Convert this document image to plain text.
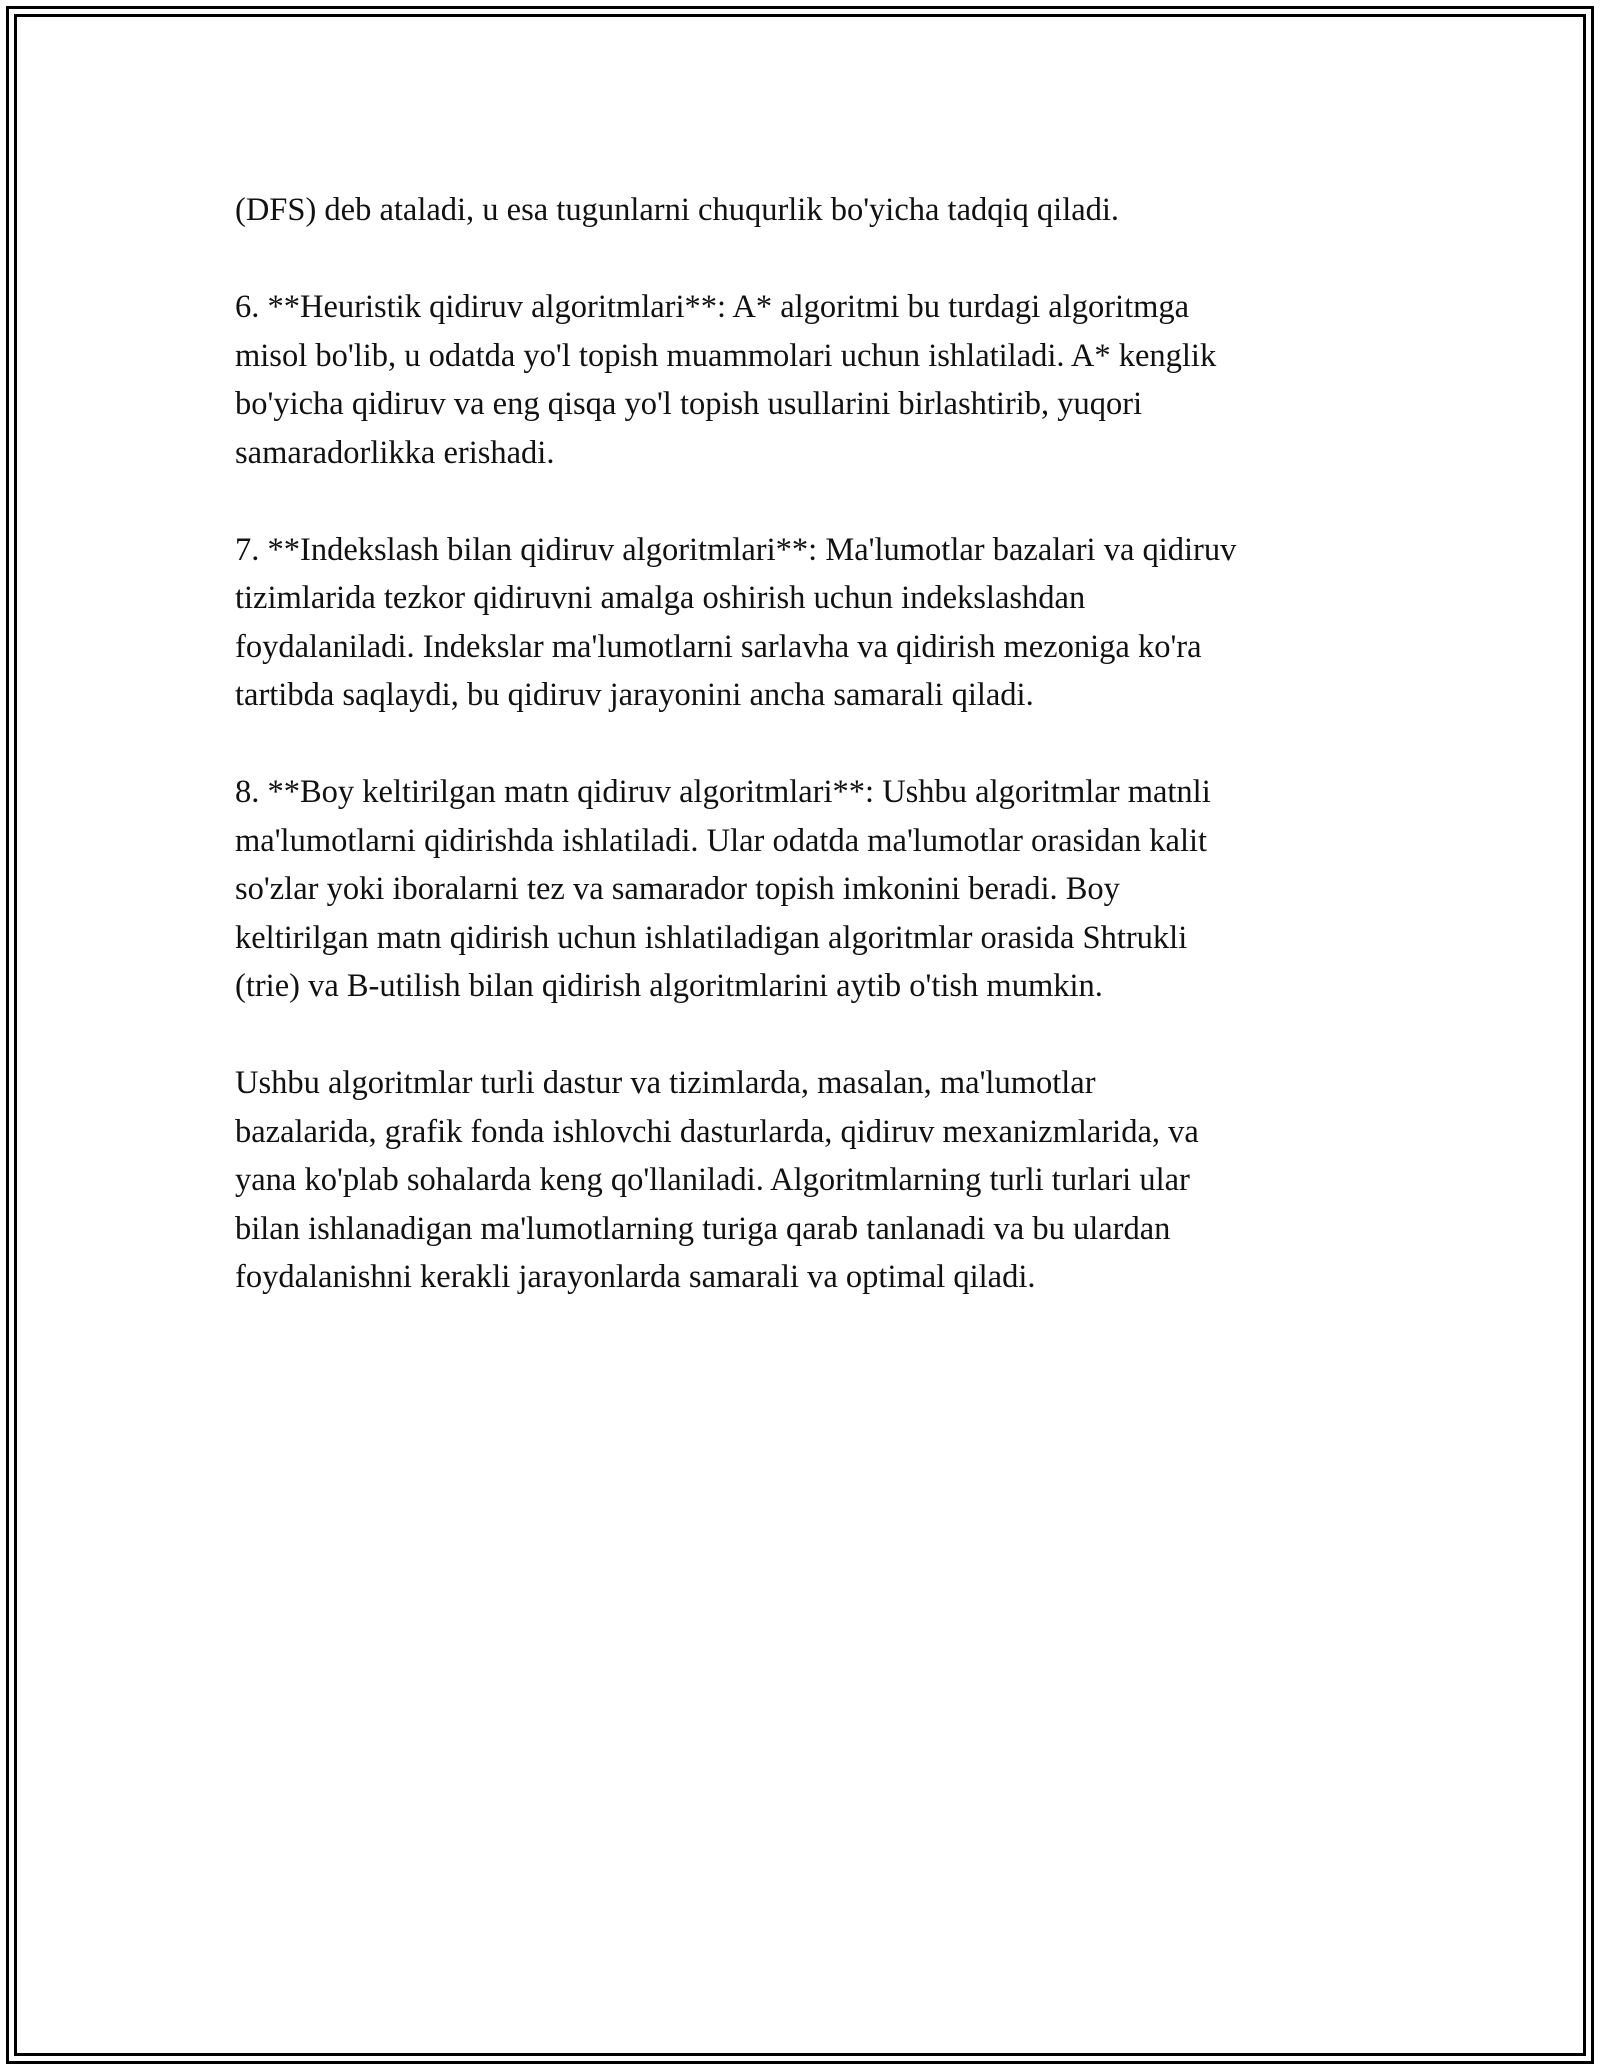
(DFS) deb ataladi, u esa tugunlarni chuqurlik bo'yicha tadqiq qiladi.

6. **Heuristik qidiruv algoritmlari**: A* algoritmi bu turdagi algoritmga
misol bo'lib, u odatda yo'l topish muammolari uchun ishlatiladi. A* kenglik
bo'yicha qidiruv va eng qisqa yo'l topish usullarini birlashtirib, yuqori
samaradorlikka erishadi.

7. **Indekslash bilan qidiruv algoritmlari**: Ma'lumotlar bazalari va qidiruv
tizimlarida tezkor qidiruvni amalga oshirish uchun indekslashdan
foydalaniladi. Indekslar ma'lumotlarni sarlavha va qidirish mezoniga ko'ra
tartibda saqlaydi, bu qidiruv jarayonini ancha samarali qiladi.

8. **Boy keltirilgan matn qidiruv algoritmlari**: Ushbu algoritmlar matnli
ma'lumotlarni qidirishda ishlatiladi. Ular odatda ma'lumotlar orasidan kalit
so'zlar yoki iboralarni tez va samarador topish imkonini beradi. Boy
keltirilgan matn qidirish uchun ishlatiladigan algoritmlar orasida Shtrukli
(trie) va B-utilish bilan qidirish algoritmlarini aytib o'tish mumkin.

Ushbu algoritmlar turli dastur va tizimlarda, masalan, ma'lumotlar
bazalarida, grafik fonda ishlovchi dasturlarda, qidiruv mexanizmlarida, va
yana ko'plab sohalarda keng qo'llaniladi. Algoritmlarning turli turlari ular
bilan ishlanadigan ma'lumotlarning turiga qarab tanlanadi va bu ulardan
foydalanishni kerakli jarayonlarda samarali va optimal qiladi.
